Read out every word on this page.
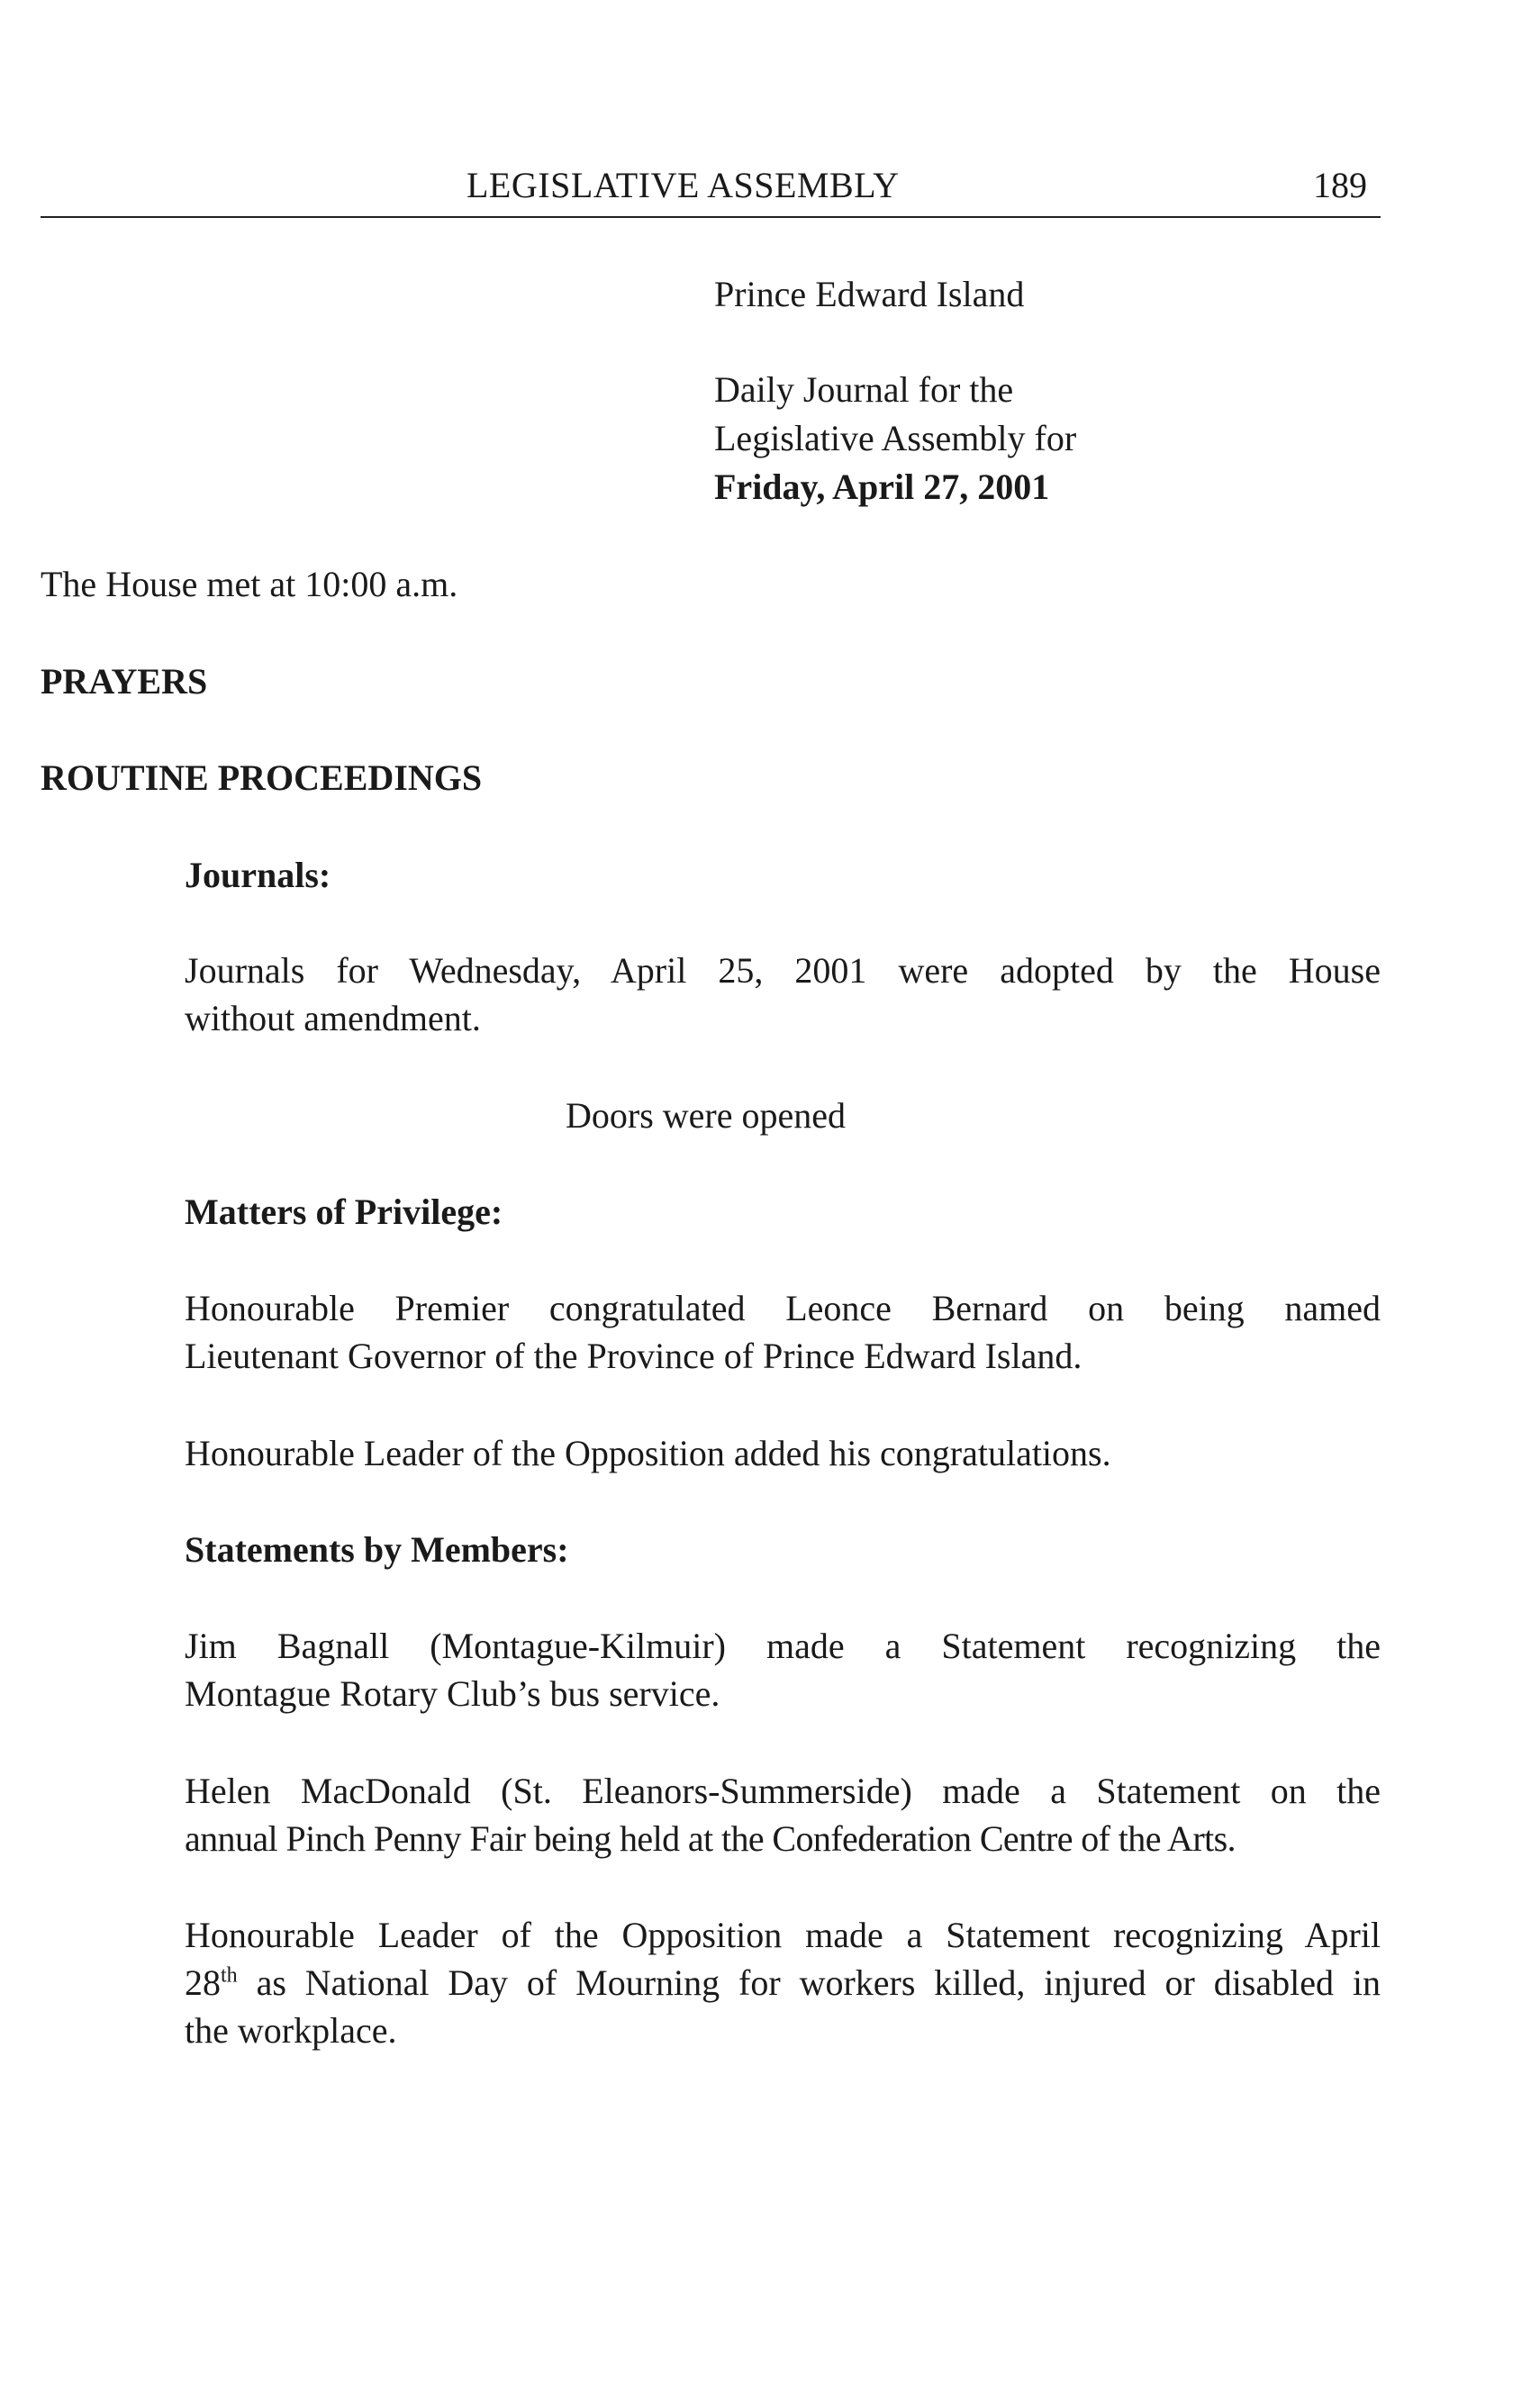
LEGISLATIVE ASSEMBLY	189
Prince Edward Island
Daily Journal for the
Legislative Assembly for
Friday, April 27, 2001
The House met at 10:00 a.m.
PRAYERS
ROUTINE PROCEEDINGS
Journals:

Journals for Wednesday, April 25, 2001 were adopted by the House
without amendment.

Doors were opened
Matters of Privilege:

Honourable Premier congratulated Leonce Bernard on being named
Lieutenant Governor of the Province of Prince Edward Island.

Honourable Leader of the Opposition added his congratulations.
Statements by Members:

Jim Bagnall (Montague-Kilmuir) made a Statement recognizing the
Montague Rotary Club’s bus service.

Helen MacDonald (St. Eleanors-Summerside) made a Statement on the
annual Pinch Penny Fair being held at the Confederation Centre of the Arts.

Honourable Leader of the Opposition made a Statement recognizing April
28th as National Day of Mourning for workers killed, injured or disabled in
the workplace.
